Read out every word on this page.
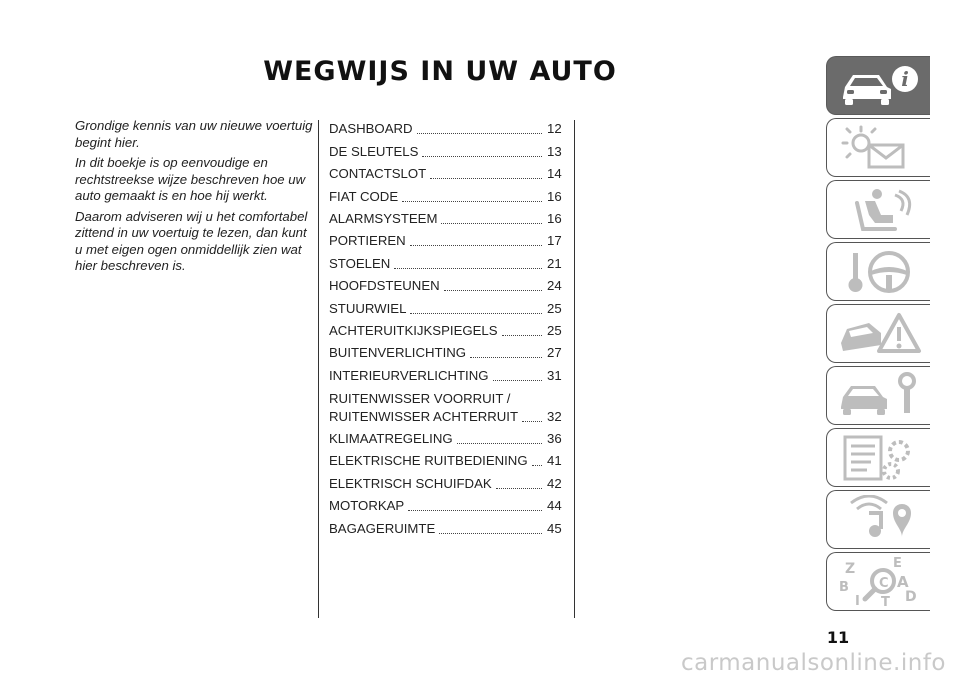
WEGWIJS IN UW AUTO

Grondige kennis van uw nieuwe voertuig begint hier.

In dit boekje is op eenvoudige en rechtstreekse wijze beschreven hoe uw auto gemaakt is en hoe hij werkt.

Daarom adviseren wij u het comfortabel zittend in uw voertuig te lezen, dan kunt u met eigen ogen onmiddellijk zien wat hier beschreven is.

DASHBOARD	12
DE SLEUTELS	13
CONTACTSLOT	14
FIAT CODE	16
ALARMSYSTEEM	16
PORTIEREN	17
STOELEN	21
HOOFDSTEUNEN	24
STUURWIEL	25
ACHTERUITKIJKSPIEGELS	25
BUITENVERLICHTING	27
INTERIEURVERLICHTING	31
RUITENWISSER VOORRUIT /
RUITENWISSER ACHTERRUIT 32
KLIMAATREGELING	36
ELEKTRISCHE RUITBEDIENING 41
ELEKTRISCH SCHUIFDAK	42
MOTORKAP	44
BAGAGERUIMTE	45
i
Z	E
A
B
I
C
T D
11
carmanualsonline.info
